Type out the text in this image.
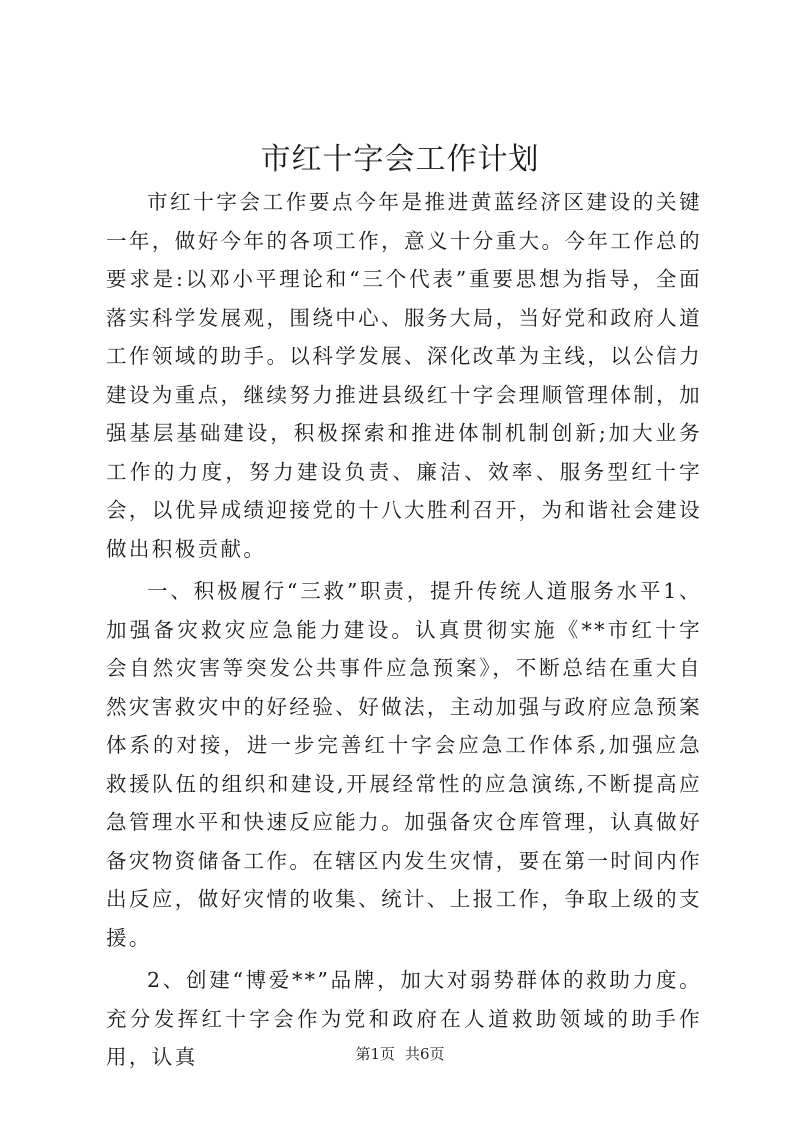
市红十字会工作计划

市红十字会工作要点今年是推进黄蓝经济区建设的关键一年，做好今年的各项工作，意义十分重大。今年工作总的要求是:以邓小平理论和“三个代表”重要思想为指导，全面落实科学发展观，围绕中心、服务大局，当好党和政府人道工作领域的助手。以科学发展、深化改革为主线，以公信力建设为重点，继续努力推进县级红十字会理顺管理体制，加强基层基础建设，积极探索和推进体制机制创新;加大业务工作的力度，努力建设负责、廉洁、效率、服务型红十字会，以优异成绩迎接党的十八大胜利召开，为和谐社会建设做出积极贡献。

一、积极履行“三救”职责，提升传统人道服务水平1、加强备灾救灾应急能力建设。认真贯彻实施《**市红十字会自然灾害等突发公共事件应急预案》，不断总结在重大自然灾害救灾中的好经验、好做法，主动加强与政府应急预案体系的对接，进一步完善红十字会应急工作体系,加强应急救援队伍的组织和建设,开展经常性的应急演练,不断提高应急管理水平和快速反应能力。加强备灾仓库管理，认真做好备灾物资储备工作。在辖区内发生灾情，要在第一时间内作出反应，做好灾情的收集、统计、上报工作，争取上级的支援。

2、创建“博爱**”品牌，加大对弱势群体的救助力度。充分发挥红十字会作为党和政府在人道救助领域的助手作用，认真	第1页 共6页
